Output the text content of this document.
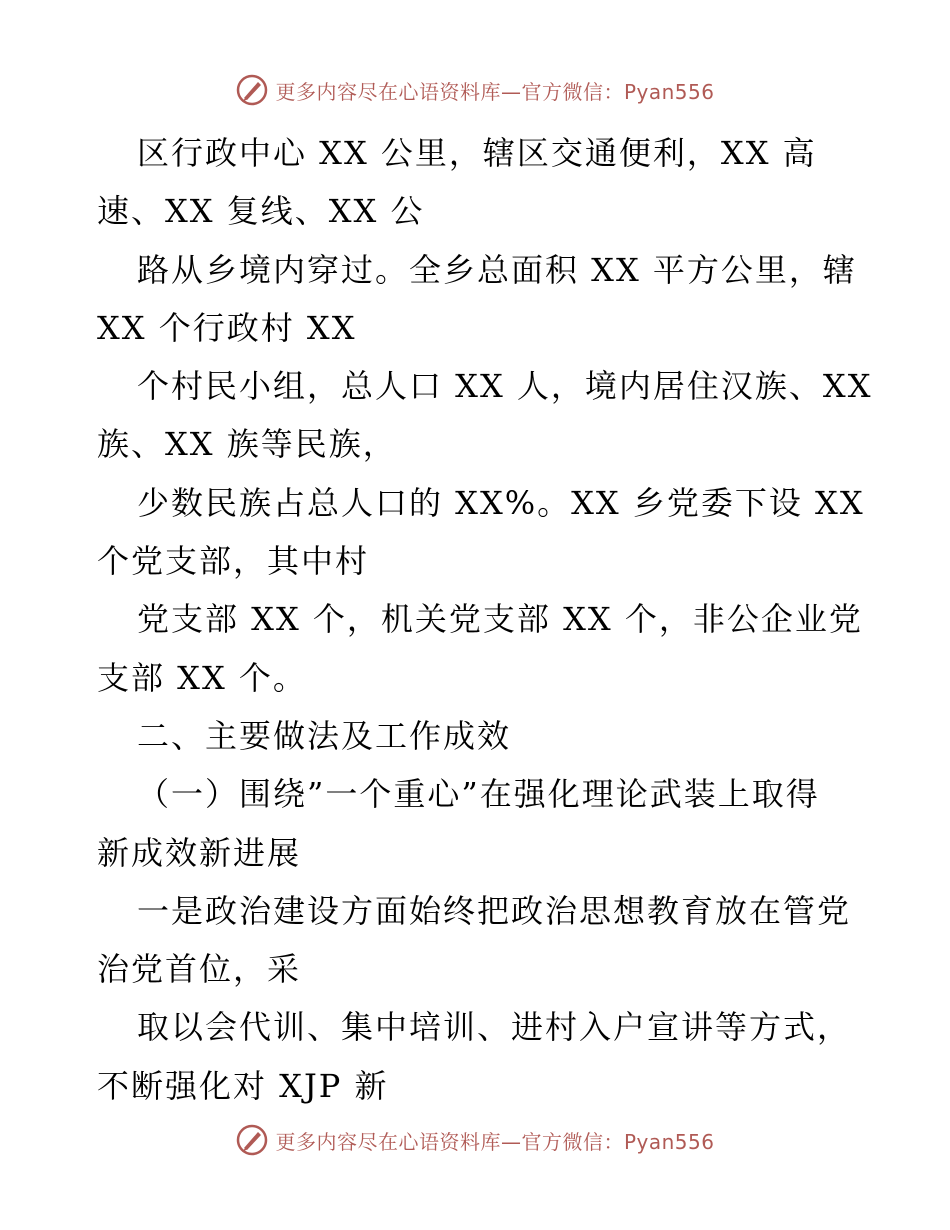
更多内容尽在心语资料库—官方微信：Pyan556
区行政中心 XX 公里，辖区交通便利，XX 高
速、XX 复线、XX 公
路从乡境内穿过。全乡总面积 XX 平方公里，辖
XX 个行政村 XX
个村民小组，总人口 XX 人，境内居住汉族、XX
族、XX 族等民族，
少数民族占总人口的 XX%。XX 乡党委下设 XX
个党支部，其中村
党支部 XX 个，机关党支部 XX 个，非公企业党
支部 XX 个。
二、主要做法及工作成效
（一）围绕”一个重心”在强化理论武装上取得
新成效新进展
一是政治建设方面始终把政治思想教育放在管党
治党首位，采
取以会代训、集中培训、进村入户宣讲等方式，
不断强化对 XJP 新
更多内容尽在心语资料库—官方微信：Pyan556
